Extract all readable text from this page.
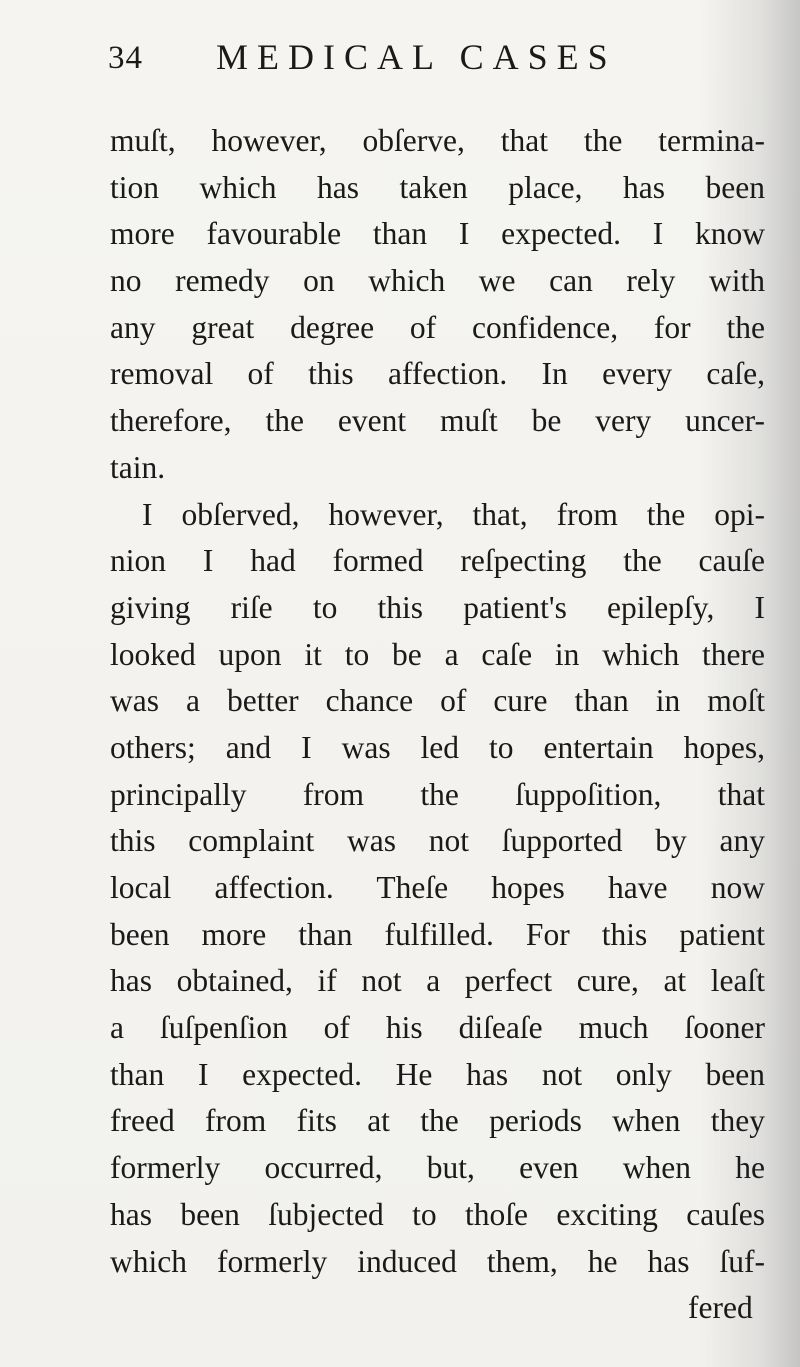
34 MEDICAL CASES
muſt, however, obſerve, that the termina-
tion which has taken place, has been
more favourable than I expected. I know
no remedy on which we can rely with
any great degree of confidence, for the
removal of this affection. In every caſe,
therefore, the event muſt be very uncer-
tain.
I obſerved, however, that, from the opi-
nion I had formed reſpecting the cauſe
giving riſe to this patient's epilepſy, I
looked upon it to be a caſe in which there
was a better chance of cure than in moſt
others; and I was led to entertain hopes,
principally from the ſuppoſition, that
this complaint was not ſupported by any
local affection. Theſe hopes have now
been more than fulfilled. For this patient
has obtained, if not a perfect cure, at leaſt
a ſuſpenſion of his diſeaſe much ſooner
than I expected. He has not only been
freed from fits at the periods when they
formerly occurred, but, even when he
has been ſubjected to thoſe exciting cauſes
which formerly induced them, he has ſuf-
fered
